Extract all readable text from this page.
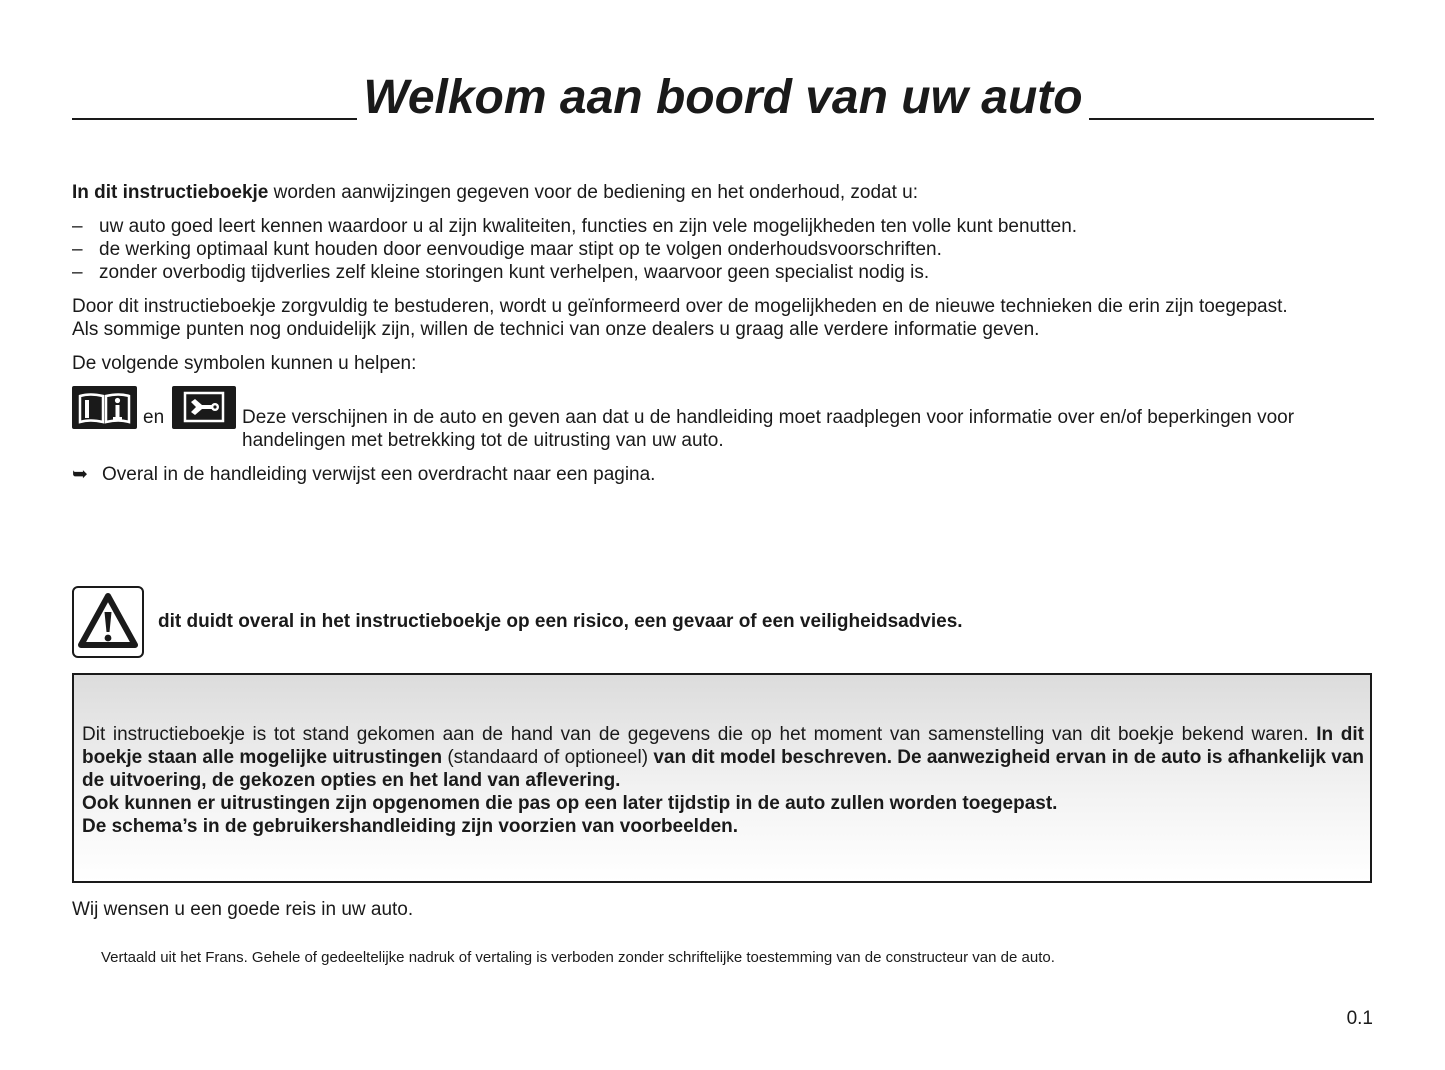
Welkom aan boord van uw auto
In dit instructieboekje worden aanwijzingen gegeven voor de bediening en het onderhoud, zodat u:
– uw auto goed leert kennen waardoor u al zijn kwaliteiten, functies en zijn vele mogelijkheden ten volle kunt benutten.
– de werking optimaal kunt houden door eenvoudige maar stipt op te volgen onderhoudsvoorschriften.
– zonder overbodig tijdverlies zelf kleine storingen kunt verhelpen, waarvoor geen specialist nodig is.
Door dit instructieboekje zorgvuldig te bestuderen, wordt u geïnformeerd over de mogelijkheden en de nieuwe technieken die erin zijn toegepast.
Als sommige punten nog onduidelijk zijn, willen de technici van onze dealers u graag alle verdere informatie geven.
De volgende symbolen kunnen u helpen:
en	Deze verschijnen in de auto en geven aan dat u de handleiding moet raadplegen voor informatie over en/of beperkingen voor
handelingen met betrekking tot de uitrusting van uw auto.
➥ Overal in de handleiding verwijst een overdracht naar een pagina.
dit duidt overal in het instructieboekje op een risico, een gevaar of een veiligheidsadvies.
Dit instructieboekje is tot stand gekomen aan de hand van de gegevens die op het moment van samenstelling van dit boekje bekend waren. In dit boekje staan alle mogelijke uitrustingen (standaard of optioneel) van dit model beschreven. De aanwezigheid ervan in de auto is afhankelijk van de uitvoering, de gekozen opties en het land van aflevering.
Ook kunnen er uitrustingen zijn opgenomen die pas op een later tijdstip in de auto zullen worden toegepast.
De schema’s in de gebruikershandleiding zijn voorzien van voorbeelden.
Wij wensen u een goede reis in uw auto.
Vertaald uit het Frans. Gehele of gedeeltelijke nadruk of vertaling is verboden zonder schriftelijke toestemming van de constructeur van de auto.
0.1
